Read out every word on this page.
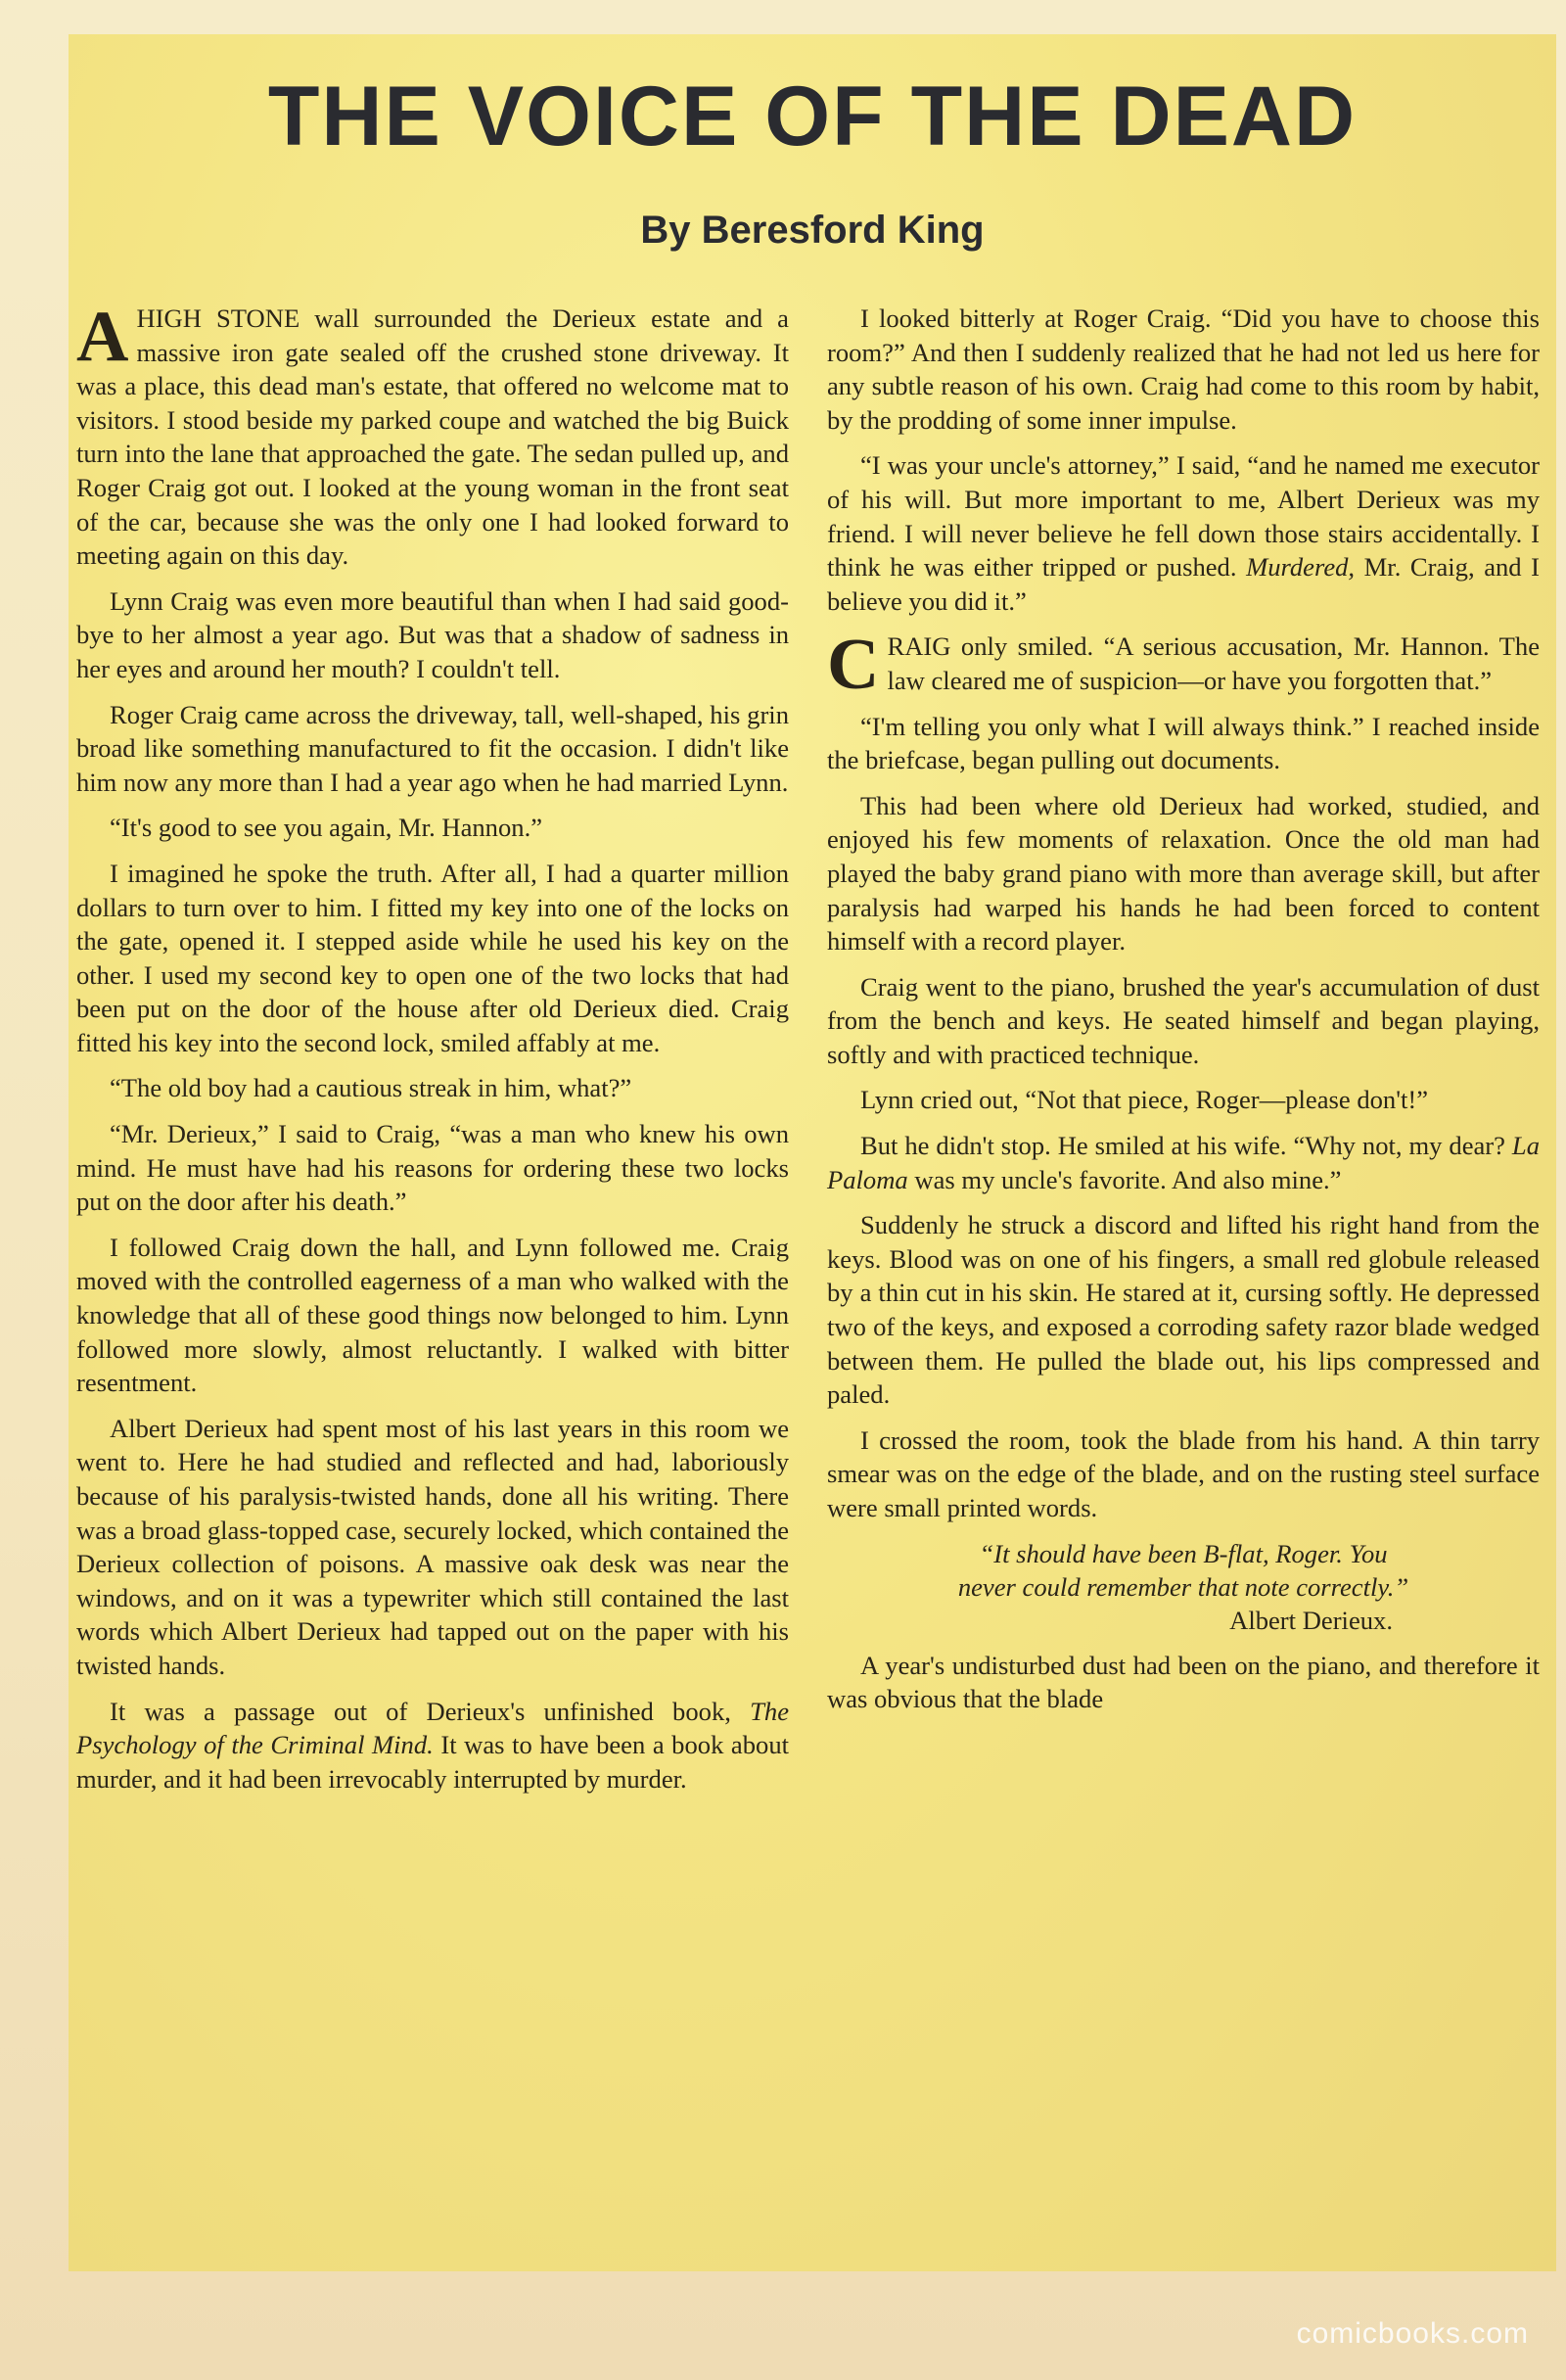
THE VOICE OF THE DEAD
By Beresford King

AHIGH STONE wall surrounded the Derieux estate and a massive iron gate sealed off the crushed stone driveway. It was a place, this dead man's estate, that offered no welcome mat to visitors. I stood beside my parked coupe and watched the big Buick turn into the lane that approached the gate. The sedan pulled up, and Roger Craig got out. I looked at the young woman in the front seat of the car, because she was the only one I had looked forward to meeting again on this day.

Lynn Craig was even more beautiful than when I had said good-bye to her almost a year ago. But was that a shadow of sadness in her eyes and around her mouth? I couldn't tell.

Roger Craig came across the driveway, tall, well-shaped, his grin broad like something manufactured to fit the occasion. I didn't like him now any more than I had a year ago when he had married Lynn.

“It's good to see you again, Mr. Hannon.”

I imagined he spoke the truth. After all, I had a quarter million dollars to turn over to him. I fitted my key into one of the locks on the gate, opened it. I stepped aside while he used his key on the other. I used my second key to open one of the two locks that had been put on the door of the house after old Derieux died. Craig fitted his key into the second lock, smiled affably at me.

“The old boy had a cautious streak in him, what?”

“Mr. Derieux,” I said to Craig, “was a man who knew his own mind. He must have had his reasons for ordering these two locks put on the door after his death.”

I followed Craig down the hall, and Lynn followed me. Craig moved with the controlled eagerness of a man who walked with the knowledge that all of these good things now belonged to him. Lynn followed more slowly, almost reluctantly. I walked with bitter resentment.

Albert Derieux had spent most of his last years in this room we went to. Here he had studied and reflected and had, laboriously because of his paralysis-twisted hands, done all his writing. There was a broad glass-topped case, securely locked, which contained the Derieux collection of poisons. A massive oak desk was near the windows, and on it was a typewriter which still contained the last words which Albert Derieux had tapped out on the paper with his twisted hands.

It was a passage out of Derieux's unfinished book, The Psychology of the Criminal Mind. It was to have been a book about murder, and it had been irrevocably interrupted by murder.

I looked bitterly at Roger Craig. “Did you have to choose this room?” And then I suddenly realized that he had not led us here for any subtle reason of his own. Craig had come to this room by habit, by the prodding of some inner impulse.

“I was your uncle's attorney,” I said, “and he named me executor of his will. But more important to me, Albert Derieux was my friend. I will never believe he fell down those stairs accidentally. I think he was either tripped or pushed. Murdered, Mr. Craig, and I believe you did it.”

CRAIG only smiled. “A serious accusation, Mr. Hannon. The law cleared me of suspicion—or have you forgotten that.”

“I'm telling you only what I will always think.” I reached inside the briefcase, began pulling out documents.

This had been where old Derieux had worked, studied, and enjoyed his few moments of relaxation. Once the old man had played the baby grand piano with more than average skill, but after paralysis had warped his hands he had been forced to content himself with a record player.

Craig went to the piano, brushed the year's accumulation of dust from the bench and keys. He seated himself and began playing, softly and with practiced technique.

Lynn cried out, “Not that piece, Roger—please don't!”

But he didn't stop. He smiled at his wife. “Why not, my dear? La Paloma was my uncle's favorite. And also mine.”

Suddenly he struck a discord and lifted his right hand from the keys. Blood was on one of his fingers, a small red globule released by a thin cut in his skin. He stared at it, cursing softly. He depressed two of the keys, and exposed a corroding safety razor blade wedged between them. He pulled the blade out, his lips compressed and paled.

I crossed the room, took the blade from his hand. A thin tarry smear was on the edge of the blade, and on the rusting steel surface were small printed words.

“It should have been B-flat, Roger. You
never could remember that note correctly.”

Albert Derieux.

A year's undisturbed dust had been on the piano, and therefore it was obvious that the blade

comicbooks.com
